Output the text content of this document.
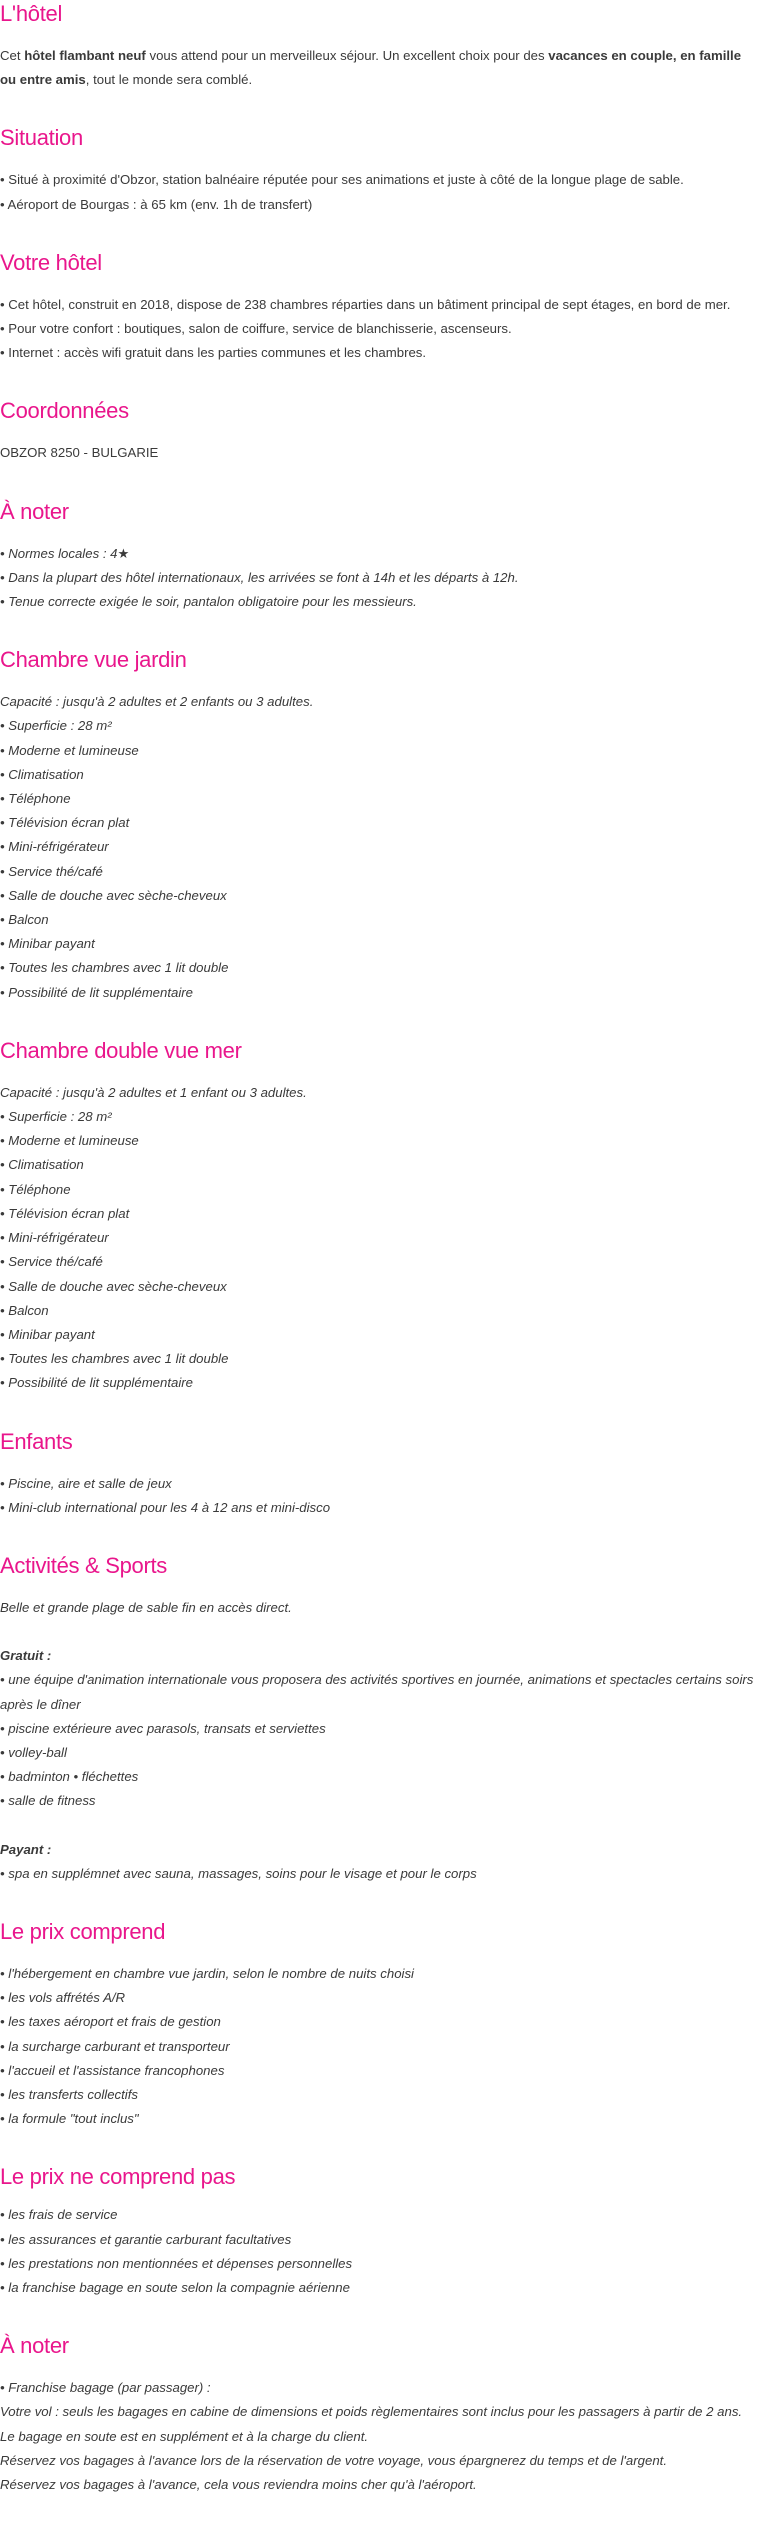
L'hôtel
Cet hôtel flambant neuf vous attend pour un merveilleux séjour. Un excellent choix pour des vacances en couple, en famille ou entre amis, tout le monde sera comblé.
Situation
• Situé à proximité d'Obzor, station balnéaire réputée pour ses animations et juste à côté de la longue plage de sable.
• Aéroport de Bourgas : à 65 km (env. 1h de transfert)
Votre hôtel
• Cet hôtel, construit en 2018, dispose de 238 chambres réparties dans un bâtiment principal de sept étages, en bord de mer.
• Pour votre confort : boutiques, salon de coiffure, service de blanchisserie, ascenseurs.
• Internet : accès wifi gratuit dans les parties communes et les chambres.
Coordonnées
OBZOR 8250 - BULGARIE
À noter
• Normes locales : 4★
• Dans la plupart des hôtel internationaux, les arrivées se font à 14h et les départs à 12h.
• Tenue correcte exigée le soir, pantalon obligatoire pour les messieurs.
Chambre vue jardin
Capacité : jusqu'à 2 adultes et 2 enfants ou 3 adultes.
• Superficie : 28 m²
• Moderne et lumineuse
• Climatisation
• Téléphone
• Télévision écran plat
• Mini-réfrigérateur
• Service thé/café
• Salle de douche avec sèche-cheveux
• Balcon
• Minibar payant
• Toutes les chambres avec 1 lit double
• Possibilité de lit supplémentaire
Chambre double vue mer
Capacité : jusqu'à 2 adultes et 1 enfant ou 3 adultes.
• Superficie : 28 m²
• Moderne et lumineuse
• Climatisation
• Téléphone
• Télévision écran plat
• Mini-réfrigérateur
• Service thé/café
• Salle de douche avec sèche-cheveux
• Balcon
• Minibar payant
• Toutes les chambres avec 1 lit double
• Possibilité de lit supplémentaire
Enfants
• Piscine, aire et salle de jeux
• Mini-club international pour les 4 à 12 ans et mini-disco
Activités & Sports
Belle et grande plage de sable fin en accès direct.
Gratuit :
• une équipe d'animation internationale vous proposera des activités sportives en journée, animations et spectacles certains soirs après le dîner
• piscine extérieure avec parasols, transats et serviettes
• volley-ball
• badminton • fléchettes
• salle de fitness
Payant :
• spa en supplémnet avec sauna, massages, soins pour le visage et pour le corps
Le prix comprend
• l'hébergement en chambre vue jardin, selon le nombre de nuits choisi
• les vols affrétés A/R
• les taxes aéroport et frais de gestion
• la surcharge carburant et transporteur
• l'accueil et l'assistance francophones
• les transferts collectifs
• la formule "tout inclus"
Le prix ne comprend pas
• les frais de service
• les assurances et garantie carburant facultatives
• les prestations non mentionnées et dépenses personnelles
• la franchise bagage en soute selon la compagnie aérienne
À noter
• Franchise bagage (par passager) :
Votre vol : seuls les bagages en cabine de dimensions et poids règlementaires sont inclus pour les passagers à partir de 2 ans.
Le bagage en soute est en supplément et à la charge du client.
Réservez vos bagages à l'avance lors de la réservation de votre voyage, vous épargnerez du temps et de l'argent.
Réservez vos bagages à l'avance, cela vous reviendra moins cher qu'à l'aéroport.
